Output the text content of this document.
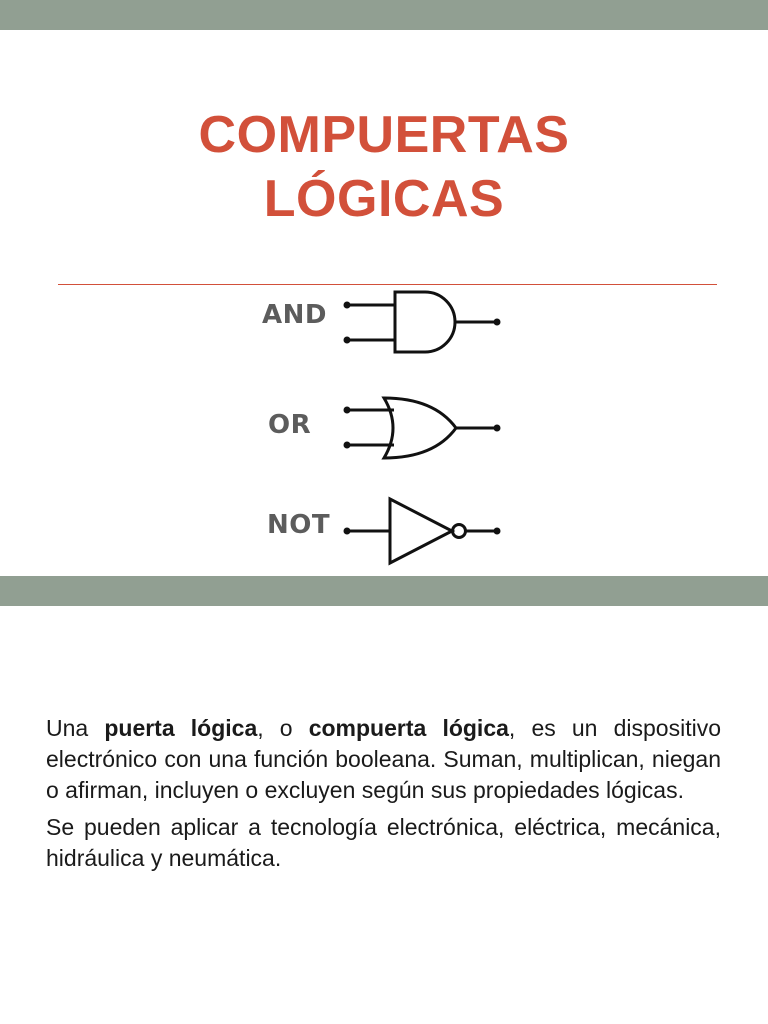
COMPUERTAS
LÓGICAS
AND
OR
NOT

Una puerta lógica, o compuerta lógica, es un dispositivo electrónico con una función booleana. Suman, multiplican, niegan o afirman, incluyen o excluyen según sus propiedades lógicas.

Se pueden aplicar a tecnología electrónica, eléctrica, mecánica, hidráulica y neumática.
